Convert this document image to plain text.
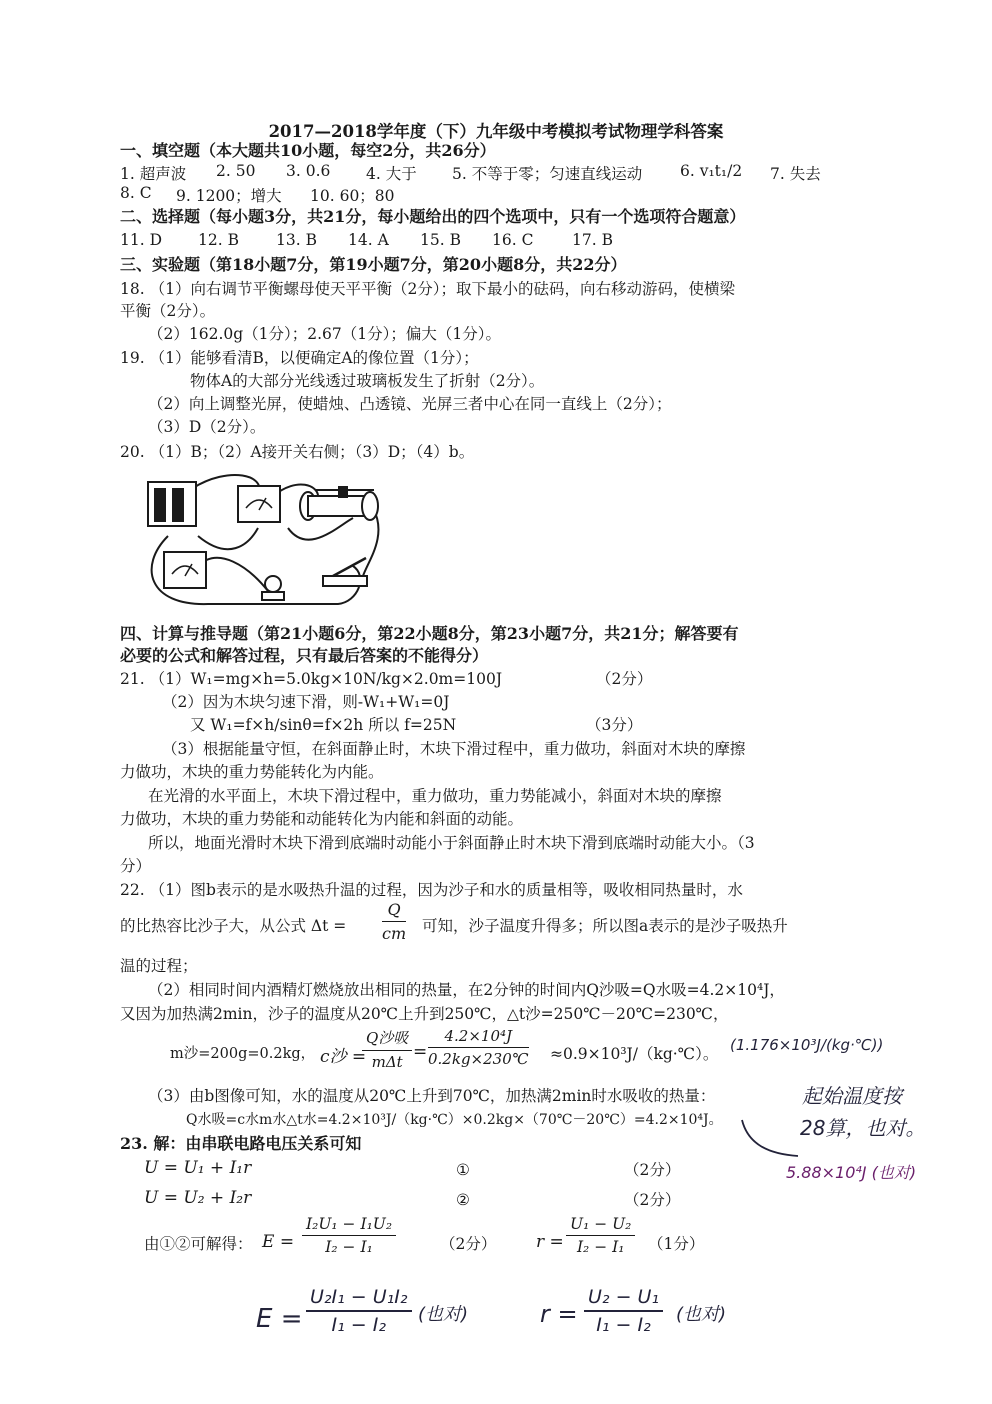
2017—2018学年度（下）九年级中考模拟考试物理学科答案
一、填空题（本大题共10小题，每空2分，共26分）
1. 超声波 2. 50 3. 0.6 4. 大于 5. 不等于零；匀速直线运动 6. v₁t₁/2 7. 失去
8. C 9. 1200；增大 10. 60；80
二、选择题（每小题3分，共21分，每小题给出的四个选项中，只有一个选项符合题意）
11. D 12. B 13. B 14. A 15. B 16. C 17. B
三、实验题（第18小题7分，第19小题7分，第20小题8分，共22分）
18. （1）向右调节平衡螺母使天平平衡（2分）；取下最小的砝码，向右移动游码，使横梁
平衡（2分）。
（2）162.0g（1分）；2.67（1分）；偏大（1分）。
19. （1）能够看清B，以便确定A的像位置（1分）；
物体A的大部分光线透过玻璃板发生了折射（2分）。
（2）向上调整光屏，使蜡烛、凸透镜、光屏三者中心在同一直线上（2分）；
（3）D（2分）。
20. （1）B；（2）A接开关右侧；（3）D；（4）b。
四、计算与推导题（第21小题6分，第22小题8分，第23小题7分，共21分；解答要有
必要的公式和解答过程，只有最后答案的不能得分）
21. （1）W₁=mg×h=5.0kg×10N/kg×2.0m=100J	（2分）
（2）因为木块匀速下滑，则-W₁+W₁=0J
又 W₁=f×h/sinθ=f×2h 所以 f=25N	（3分）
（3）根据能量守恒，在斜面静止时，木块下滑过程中，重力做功，斜面对木块的摩擦
力做功，木块的重力势能转化为内能。
在光滑的水平面上，木块下滑过程中，重力做功，重力势能减小，斜面对木块的摩擦
力做功，木块的重力势能和动能转化为内能和斜面的动能。
所以，地面光滑时木块下滑到底端时动能小于斜面静止时木块下滑到底端时动能大小。（3
分）
22. （1）图b表示的是水吸热升温的过程，因为沙子和水的质量相等，吸收相同热量时，水
的比热容比沙子大，从公式 $\Delta t = \frac{Q}{cm}$ 可知，沙子温度升得多；所以图a表示的是沙子吸热升
温的过程；
（2）相同时间内酒精灯燃烧放出相同的热量，在2分钟的时间内Q沙吸=Q水吸=4.2×10⁴J，
又因为加热满2min，沙子的温度从20℃上升到250℃，△t沙=250℃－20℃=230℃，
m沙=200g=0.2kg， c沙 =
Q沙吸
$m\Delta t = \frac{\text{4.2×10⁴J}}{0.2kg\times 230℃}$ ≈0.9×10³J/（kg·℃）。
（3）由b图像可知，水的温度从20℃上升到70℃，加热满2min时水吸收的热量：
Q水吸=c水m水△t水=4.2×10³J/（kg·℃）×0.2kg×（70℃－20℃）=4.2×10⁴J。
23. 解：由串联电路电压关系可知
U = U₁ + I₁r	①	（2分）
U = U₂ + I₂r	②	（2分）
由①②可解得： $E = \frac{\text{I₂U₁ − I₁U₂}}{\text{I₂ − I₁}}$	（2分） $r = \frac{\text{U₁ − U₂}}{\text{I₂ − I₁}} (1$分）
(1.176×10³J/(kg·℃))
起始温度按
28算，也对。
5.88×10⁴J (也对)
$E = \frac{\text{U₂I₁ − U₁I₂}}{\text{I₁ − I₂}}$ (也对)	$r = \frac{\text{U₂ − U₁}}{\text{I₁ − I₂}}$ (也对)
